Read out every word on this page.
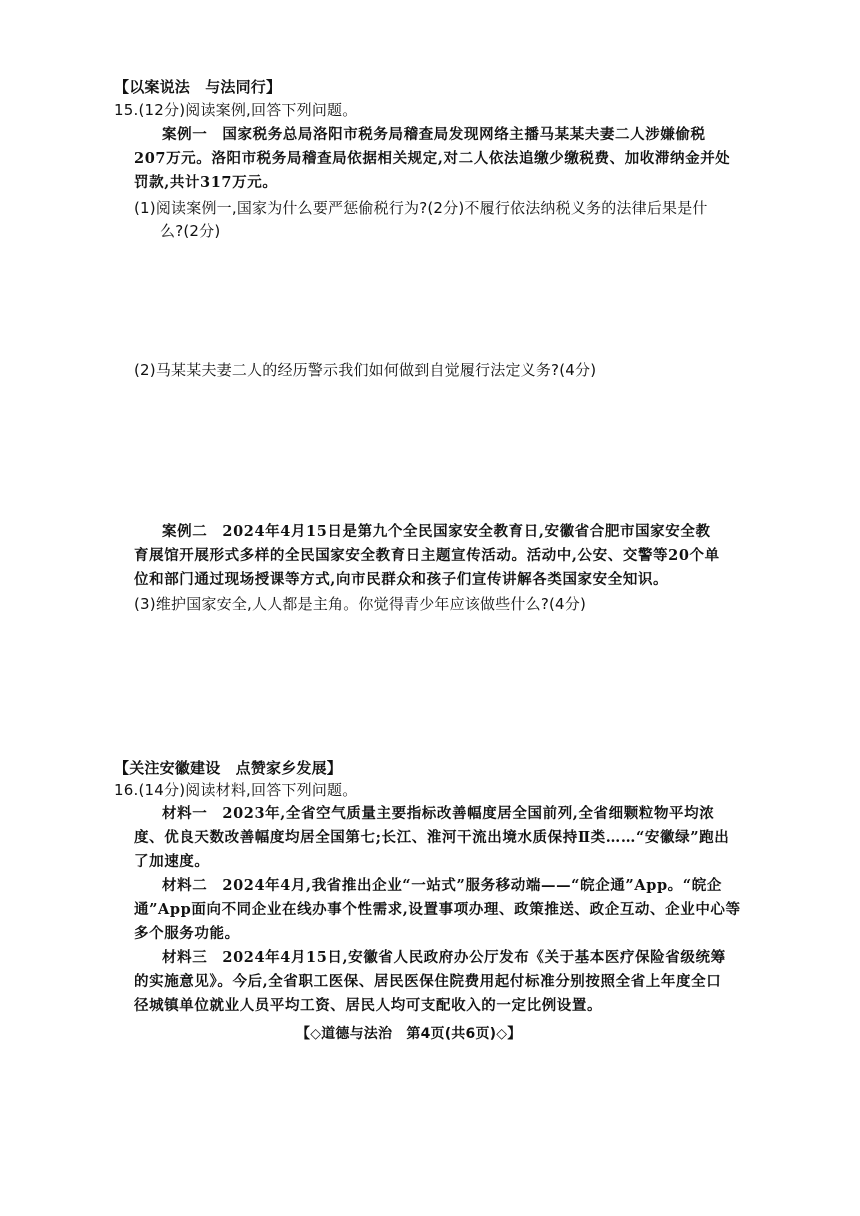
【以案说法　与法同行】
15.(12分)阅读案例,回答下列问题。
案例一　国家税务总局洛阳市税务局稽查局发现网络主播马某某夫妻二人涉嫌偷税
207万元。洛阳市税务局稽查局依据相关规定,对二人依法追缴少缴税费、加收滞纳金并处
罚款,共计317万元。
(1)阅读案例一,国家为什么要严惩偷税行为?(2分)不履行依法纳税义务的法律后果是什
么?(2分)
(2)马某某夫妻二人的经历警示我们如何做到自觉履行法定义务?(4分)
案例二　2024年4月15日是第九个全民国家安全教育日,安徽省合肥市国家安全教
育展馆开展形式多样的全民国家安全教育日主题宣传活动。活动中,公安、交警等20个单
位和部门通过现场授课等方式,向市民群众和孩子们宣传讲解各类国家安全知识。
(3)维护国家安全,人人都是主角。你觉得青少年应该做些什么?(4分)
【关注安徽建设　点赞家乡发展】
16.(14分)阅读材料,回答下列问题。
材料一　2023年,全省空气质量主要指标改善幅度居全国前列,全省细颗粒物平均浓
度、优良天数改善幅度均居全国第七;长江、淮河干流出境水质保持Ⅱ类……“安徽绿”跑出
了加速度。
材料二　2024年4月,我省推出企业“一站式”服务移动端——“皖企通”App。“皖企
通”App面向不同企业在线办事个性需求,设置事项办理、政策推送、政企互动、企业中心等
多个服务功能。
材料三　2024年4月15日,安徽省人民政府办公厅发布《关于基本医疗保险省级统筹
的实施意见》。今后,全省职工医保、居民医保住院费用起付标准分别按照全省上年度全口
径城镇单位就业人员平均工资、居民人均可支配收入的一定比例设置。
【◇道德与法治　第4页(共6页)◇】
